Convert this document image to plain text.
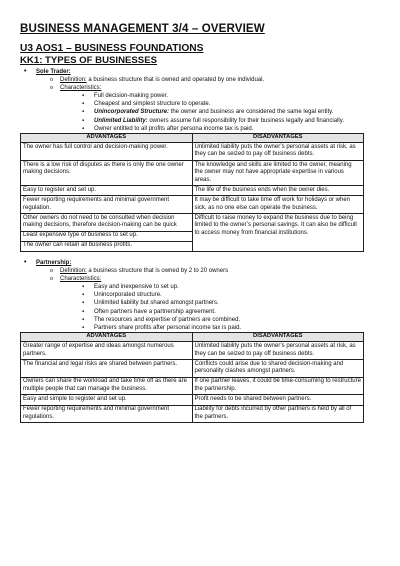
BUSINESS MANAGEMENT 3/4 – OVERVIEW
U3 AOS1 – BUSINESS FOUNDATIONS
KK1: TYPES OF BUSINESSES
• Sole Trader:
o Definition: a business structure that is owned and operated by one individual.
o Characteristics:
▪ Full decision-making power.
▪ Cheapest and simplest structure to operate.
▪ Unincorporated Structure: the owner and business are considered the same legal entity.
▪ Unlimited Liability: owners assume full responsibility for their business legally and financially.
▪ Owner entitled to all profits after persona income tax is paid.
ADVANTAGES	DISADVANTAGES
The owner has full control and decision-making power.	Unlimited liability puts the owner’s personal assets at risk, as they can be seized to pay off business debts.
There is a low risk of disputes as there is only the one owner making decisions.	The knowledge and skills are limited to the owner, meaning the owner may not have appropriate expertise in various areas.
Easy to register and set up.	The life of the business ends when the owner dies.
Fewer reporting requirements and minimal government regulation.	It may be difficult to take time off work for holidays or when sick, as no one else can operate the business.
Other owners do not need to be consulted when decision making decisions, therefore decision-making can be quick	Difficult to raise money to expand the business due to being limited to the owner’s personal savings. It can also be difficult to access money from financial institutions.
Least expensive type of business to set up.	
The owner can retain all business profits.	
• Partnership:
o Definition: a business structure that is owned by 2 to 20 owners
o Characteristics:
▪ Easy and inexpensive to set up.
▪ Unincorporated structure.
▪ Unlimited liability but shared amongst partners.
▪ Often partners have a partnership agreement.
▪ The resources and expertise of partners are combined.
▪ Partners share profits after personal income tax is paid.
ADVANTAGES	DISADVANTAGES
Greater range of expertise and ideas amongst numerous partners.	Unlimited liability puts the owner’s personal assets at risk, as they can be seized to pay off business debts.
The financial and legal risks are shared between partners.	Conflicts could arise due to shared decision-making and personality clashes amongst partners.
Owners can share the workload and take time off as there are multiple people that can manage the business.	If one partner leaves, it could be time-consuming to restructure the partnership.
Easy and simple to register and set up.	Profit needs to be shared between partners.
Fewer reporting requirements and minimal government regulations.	Liability for debts incurred by other partners is held by all of the partners.
